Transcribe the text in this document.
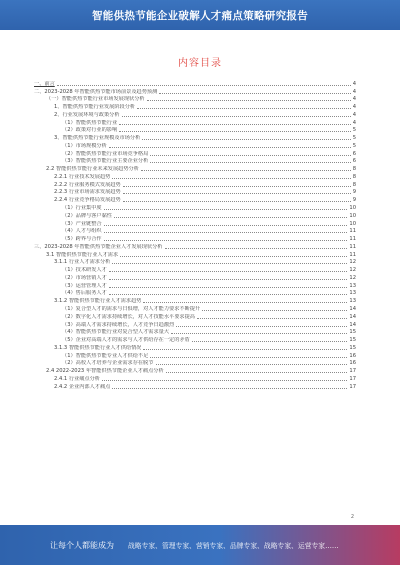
智能供热节能企业破解人才痛点策略研究报告
内容目录
一、前言	4
二、2023-2028 年智能供热节能市场前景及趋势预测	4
（一）智能供热节能行业市场发展现状分析	4
1、智能供热节能行业发展阶段分析	4
2、行业发展环境与政策分析	4
（1）智能供热节能行业	4
（2）政策对行业的影响	5
3、智能供热节能行业规模及市场分析	5
（1）市场规模分析	5
（2）智能供热节能行业市场竞争格局	6
（3）智能供热节能行业主要企业分析	6
2.2 智能供热节能行业未来发展趋势分析	8
2.2.1 行业技术发展趋势	8
2.2.2 行业服务模式发展趋势	8
2.2.3 行业市场需求发展趋势	9
2.2.4 行业竞争格局发展趋势	9
（1）行业集中度	10
（2）品牌与客户黏性	10
（3）产业链整合	10
（4）人才与组织	11
（5）跨界与合作	11
三、2023-2028 年智能供热节能企业人才发展现状分析	11
3.1 智能供热节能行业人才需求	11
3.1.1 行业人才需求分析	12
（1）技术研发人才	12
（2）市场营销人才	12
（3）运营管理人才	13
（4）售后服务人才	13
3.1.2 智能供热节能行业人才需求趋势	13
（1）复合型人才的需求与日俱增，对人才能力要求不断提升	14
（2）数字化人才需求持续增长，对人才技能水平要求提高	14
（3）高端人才需求持续增长，人才竞争日趋激烈	14
（4）智能供热节能行业对复合型人才需求量大	15
（5）企业对高端人才的需求与人才供给存在一定的矛盾	15
3.1.3 智能供热节能行业人才供给情况	15
（1）智能供热节能专业人才供给不足	16
（2）高校人才培养与企业需求存在脱节	16
2.4 2022-2023 年智能供热节能企业人才痛点分析	17
2.4.1 行业痛点分析	17
2.4.2 企业内部人才痛点	17
2
让每个人都能成为 战略专家、管理专家、营销专家、品牌专家、战略专家、运营专家……
